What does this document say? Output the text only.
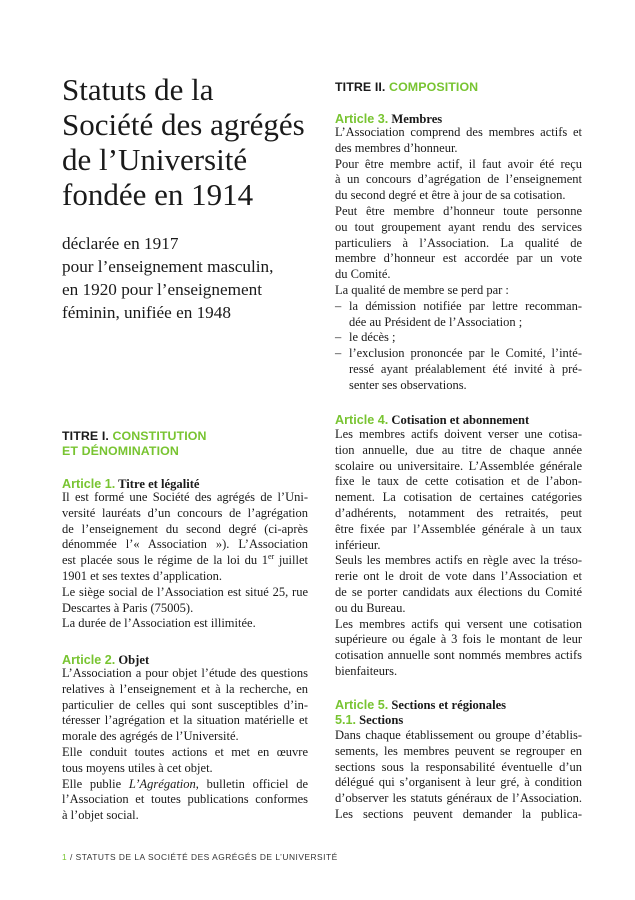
Statuts de la
Société des agrégés
de l’Université
fondée en 1914

déclarée en 1917
pour l’enseignement masculin,
en 1920 pour l’enseignement
féminin, unifiée en 1948

TITRE I. CONSTITUTION
ET DÉNOMINATION
Article 1. Titre et légalité
Il est formé une Société des agrégés de l’Uni-
versité lauréats d’un concours de l’agrégation
de l’enseignement du second degré (ci-après
dénommée l’« Association »). L’Association
est placée sous le régime de la loi du 1er juillet
1901 et ses textes d’application.
Le siège social de l’Association est situé 25, rue
Descartes à Paris (75005).
La durée de l’Association est illimitée.
Article 2. Objet
L’Association a pour objet l’étude des questions
relatives à l’enseignement et à la recherche, en
particulier de celles qui sont susceptibles d’in-
téresser l’agrégation et la situation matérielle et
morale des agrégés de l’Université.
Elle conduit toutes actions et met en œuvre
tous moyens utiles à cet objet.
Elle publie L’Agrégation, bulletin officiel de
l’Association et toutes publications conformes
à l’objet social.
TITRE II. COMPOSITION
Article 3. Membres
L’Association comprend des membres actifs et
des membres d’honneur.
Pour être membre actif, il faut avoir été reçu
à un concours d’agrégation de l’enseignement
du second degré et être à jour de sa cotisation.
Peut être membre d’honneur toute personne
ou tout groupement ayant rendu des services
particuliers à l’Association. La qualité de
membre d’honneur est accordée par un vote
du Comité.
La qualité de membre se perd par :
– la démission notifiée par lettre recomman-
dée au Président de l’Association ;
– le décès ;
– l’exclusion prononcée par le Comité, l’inté-
ressé ayant préalablement été invité à pré-
senter ses observations.
Article 4. Cotisation et abonnement
Les membres actifs doivent verser une cotisa-
tion annuelle, due au titre de chaque année
scolaire ou universitaire. L’Assemblée générale
fixe le taux de cette cotisation et de l’abon-
nement. La cotisation de certaines catégories
d’adhérents, notamment des retraités, peut
être fixée par l’Assemblée générale à un taux
inférieur.
Seuls les membres actifs en règle avec la tréso-
rerie ont le droit de vote dans l’Association et
de se porter candidats aux élections du Comité
ou du Bureau.
Les membres actifs qui versent une cotisation
supérieure ou égale à 3 fois le montant de leur
cotisation annuelle sont nommés membres actifs
bienfaiteurs.
Article 5. Sections et régionales
5.1. Sections
Dans chaque établissement ou groupe d’établis-
sements, les membres peuvent se regrouper en
sections sous la responsabilité éventuelle d’un
délégué qui s’organisent à leur gré, à condition
d’observer les statuts généraux de l’Association.
Les sections peuvent demander la publica-

1 / STATUTS DE LA SOCIÉTÉ DES AGRÉGÉS DE L’UNIVERSITÉ
